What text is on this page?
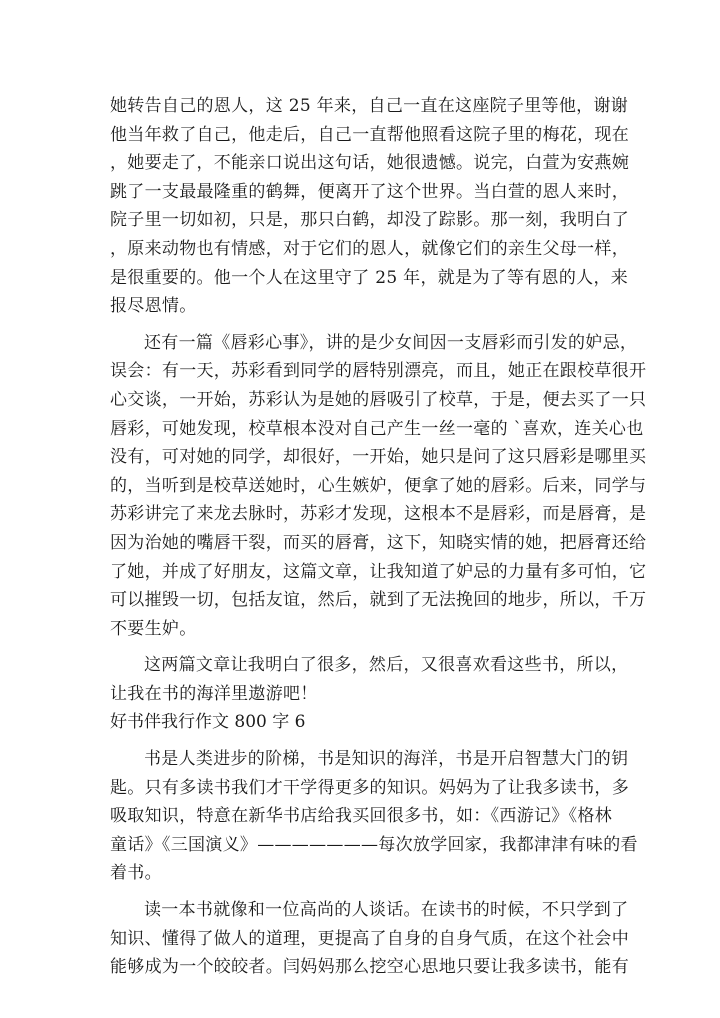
她转告自己的恩人，这 25 年来，自己一直在这座院子里等他，谢谢
他当年救了自己，他走后，自己一直帮他照看这院子里的梅花，现在
，她要走了，不能亲口说出这句话，她很遗憾。说完，白萱为安燕婉
跳了一支最最隆重的鹤舞，便离开了这个世界。当白萱的恩人来时，
院子里一切如初，只是，那只白鹤，却没了踪影。那一刻，我明白了
，原来动物也有情感，对于它们的恩人，就像它们的亲生父母一样，
是很重要的。他一个人在这里守了 25 年，就是为了等有恩的人，来
报尽恩情。
还有一篇《唇彩心事》，讲的是少女间因一支唇彩而引发的妒忌，
误会：有一天，苏彩看到同学的唇特别漂亮，而且，她正在跟校草很开
心交谈，一开始，苏彩认为是她的唇吸引了校草，于是，便去买了一只
唇彩，可她发现，校草根本没对自己产生一丝一毫的 `喜欢，连关心也
没有，可对她的同学，却很好，一开始，她只是问了这只唇彩是哪里买
的，当听到是校草送她时，心生嫉妒，便拿了她的唇彩。后来，同学与
苏彩讲完了来龙去脉时，苏彩才发现，这根本不是唇彩，而是唇膏，是
因为治她的嘴唇干裂，而买的唇膏，这下，知晓实情的她，把唇膏还给
了她，并成了好朋友，这篇文章，让我知道了妒忌的力量有多可怕，它
可以摧毁一切，包括友谊，然后，就到了无法挽回的地步，所以，千万
不要生妒。
这两篇文章让我明白了很多，然后，又很喜欢看这些书，所以，
让我在书的海洋里遨游吧！
好书伴我行作文 800 字 6
书是人类进步的阶梯，书是知识的海洋，书是开启智慧大门的钥
匙。只有多读书我们才干学得更多的知识。妈妈为了让我多读书，多
吸取知识，特意在新华书店给我买回很多书，如：《西游记》《格林
童话》《三国演义》———————每次放学回家，我都津津有味的看
着书。
读一本书就像和一位高尚的人谈话。在读书的时候，不只学到了
知识、懂得了做人的道理，更提高了自身的自身气质，在这个社会中
能够成为一个皎皎者。闫妈妈那么挖空心思地只要让我多读书，能有
